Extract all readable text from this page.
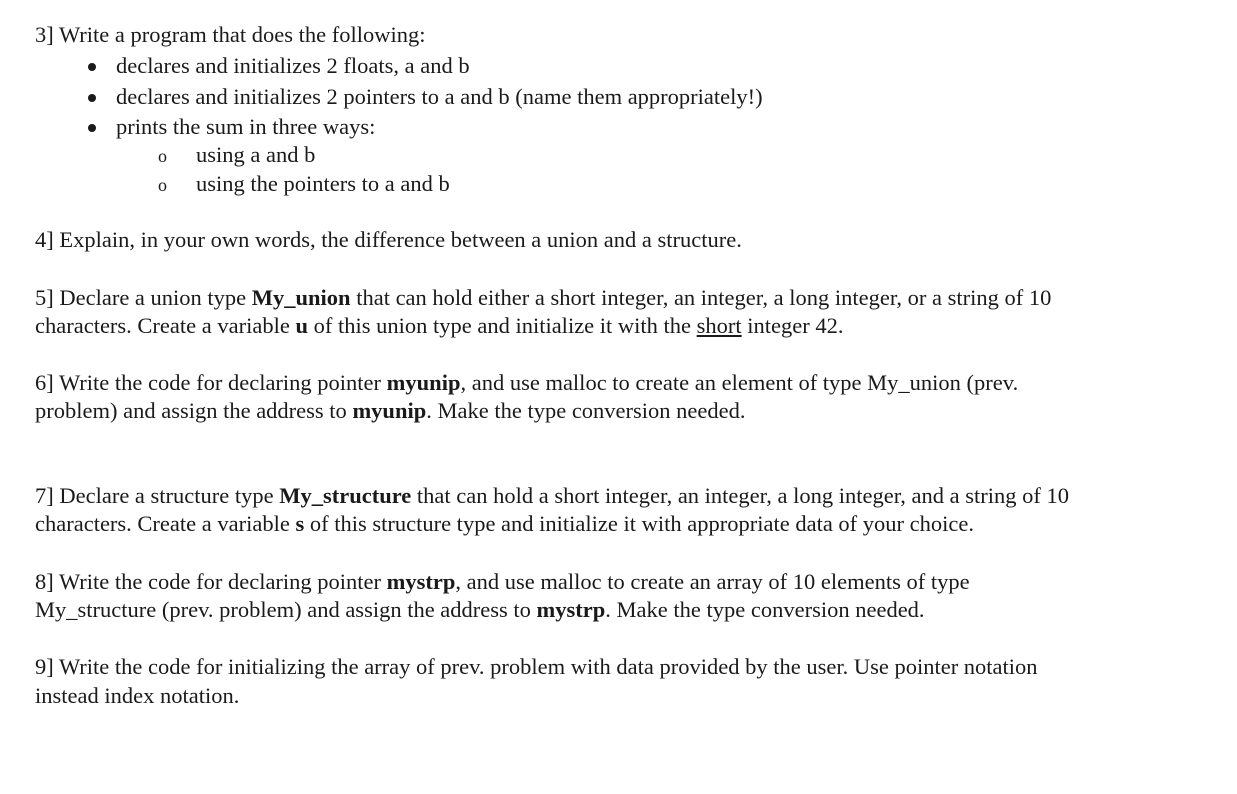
3] Write a program that does the following:

declares and initializes 2 floats, a and b
declares and initializes 2 pointers to a and b (name them appropriately!)
prints the sum in three ways:
o using a and b
o using the pointers to a and b

4] Explain, in your own words, the difference between a union and a structure.

5] Declare a union type My_union that can hold either a short integer, an integer, a long integer, or a string of 10

characters. Create a variable u of this union type and initialize it with the short integer 42.

6] Write the code for declaring pointer myunip, and use malloc to create an element of type My_union (prev.

problem) and assign the address to myunip. Make the type conversion needed.

7] Declare a structure type My_structure that can hold a short integer, an integer, a long integer, and a string of 10

characters. Create a variable s of this structure type and initialize it with appropriate data of your choice.

8] Write the code for declaring pointer mystrp, and use malloc to create an array of 10 elements of type

My_structure (prev. problem) and assign the address to mystrp. Make the type conversion needed.

9] Write the code for initializing the array of prev. problem with data provided by the user. Use pointer notation

instead index notation.
